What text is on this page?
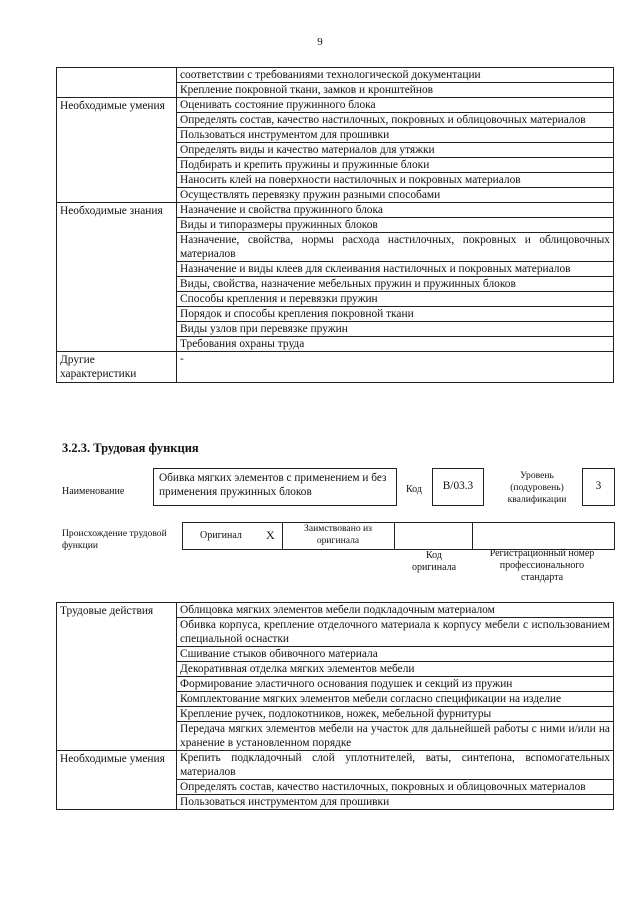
9
	соответствии с требованиями технологической документации
	Крепление покровной ткани, замков и кронштейнов
Необходимые умения	Оценивать состояние пружинного блока
	Определять состав, качество настилочных, покровных и облицовочных материалов
	Пользоваться инструментом для прошивки
	Определять виды и качество материалов для утяжки
	Подбирать и крепить пружины и пружинные блоки
	Наносить клей на поверхности настилочных и покровных материалов
	Осуществлять перевязку пружин разными способами
Необходимые знания	Назначение и свойства пружинного блока
	Виды и типоразмеры пружинных блоков
	Назначение, свойства, нормы расхода настилочных, покровных и облицовочных материалов
	Назначение и виды клеев для склеивания настилочных и покровных материалов
	Виды, свойства, назначение мебельных пружин и пружинных блоков
	Способы крепления и перевязки пружин
	Порядок и способы крепления покровной ткани
	Виды узлов при перевязке пружин
	Требования охраны труда
Другие характеристики	-
3.2.3. Трудовая функция
Наименование
Обивка мягких элементов с применением и без применения пружинных блоков	Код	B/03.3
Уровень (подуровень) квалификации
3
Происхождение трудовой функции
Оригинал X	Заимствовано из оригинала
Код оригинала
Регистрационный номер профессионального стандарта
Трудовые действия	Облицовка мягких элементов мебели подкладочным материалом
	Обивка корпуса, крепление отделочного материала к корпусу мебели с использованием специальной оснастки
	Сшивание стыков обивочного материала
	Декоративная отделка мягких элементов мебели
	Формирование эластичного основания подушек и секций из пружин
	Комплектование мягких элементов мебели согласно спецификации на изделие
	Крепление ручек, подлокотников, ножек, мебельной фурнитуры
	Передача мягких элементов мебели на участок для дальнейшей работы с ними и/или на хранение в установленном порядке
Необходимые умения	Крепить подкладочный слой уплотнителей, ваты, синтепона, вспомогательных материалов
	Определять состав, качество настилочных, покровных и облицовочных материалов
	Пользоваться инструментом для прошивки
